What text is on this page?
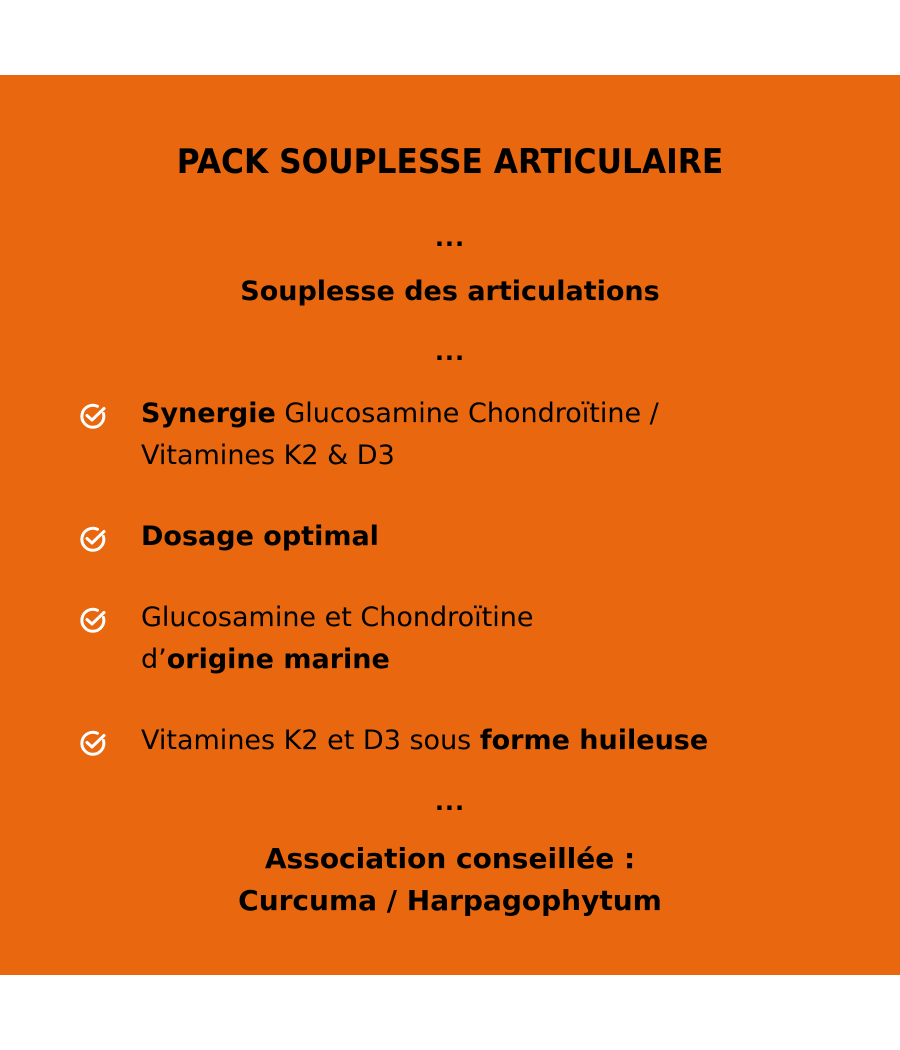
PACK SOUPLESSE ARTICULAIRE
...
Souplesse des articulations
...
Synergie Glucosamine Chondroïtine /
Vitamines K2 & D3
Dosage optimal
Glucosamine et Chondroïtine
d’origine marine
Vitamines K2 et D3 sous forme huileuse
...
Association conseillée :
Curcuma / Harpagophytum
